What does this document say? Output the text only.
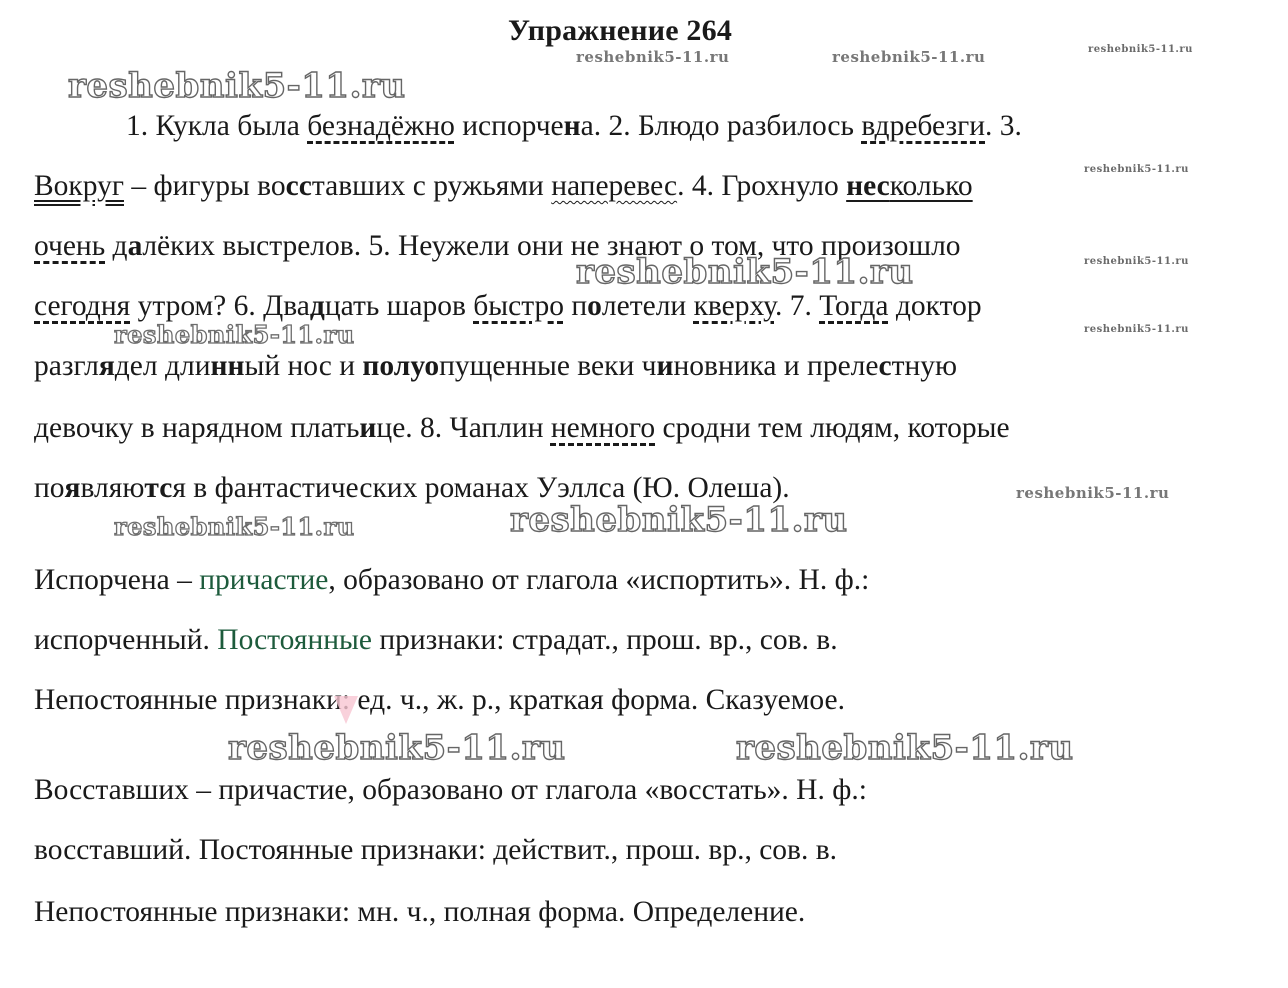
Упражнение 264
1. Кукла была безнадёжно испорчена. 2. Блюдо разбилось вдребезги. 3.
Вокруг – фигуры восставших с ружьями наперевес. 4. Грохнуло несколько
очень далёких выстрелов. 5. Неужели они не знают о том, что произошло
сегодня утром? 6. Двадцать шаров быстро полетели кверху. 7. Тогда доктор
разглядел длинный нос и полуопущенные веки чиновника и прелестную
девочку в нарядном платьице. 8. Чаплин немного сродни тем людям, которые
появляются в фантастических романах Уэллса (Ю. Олеша).
Испорчена – причастие, образовано от глагола «испортить». Н. ф.:
испорченный. Постоянные признаки: страдат., прош. вр., сов. в.
Непостоянные признаки: ед. ч., ж. р., краткая форма. Сказуемое.
Восставших – причастие, образовано от глагола «восстать». Н. ф.:
восставший. Постоянные признаки: действит., прош. вр., сов. в.
Непостоянные признаки: мн. ч., полная форма. Определение.
reshebnik5-11.ru
reshebnik5-11.ru
reshebnik5-11.ru
reshebnik5-11.ru	reshebnik5-11.ru
reshebnik5-11.ru
reshebnik5-11.ru
reshebnik5-11.ru	reshebnik5-11.ru
reshebnik5-11.ru
reshebnik5-11.ru
reshebnik5-11.ru
reshebnik5-11.ru
reshebnik5-11.ru
